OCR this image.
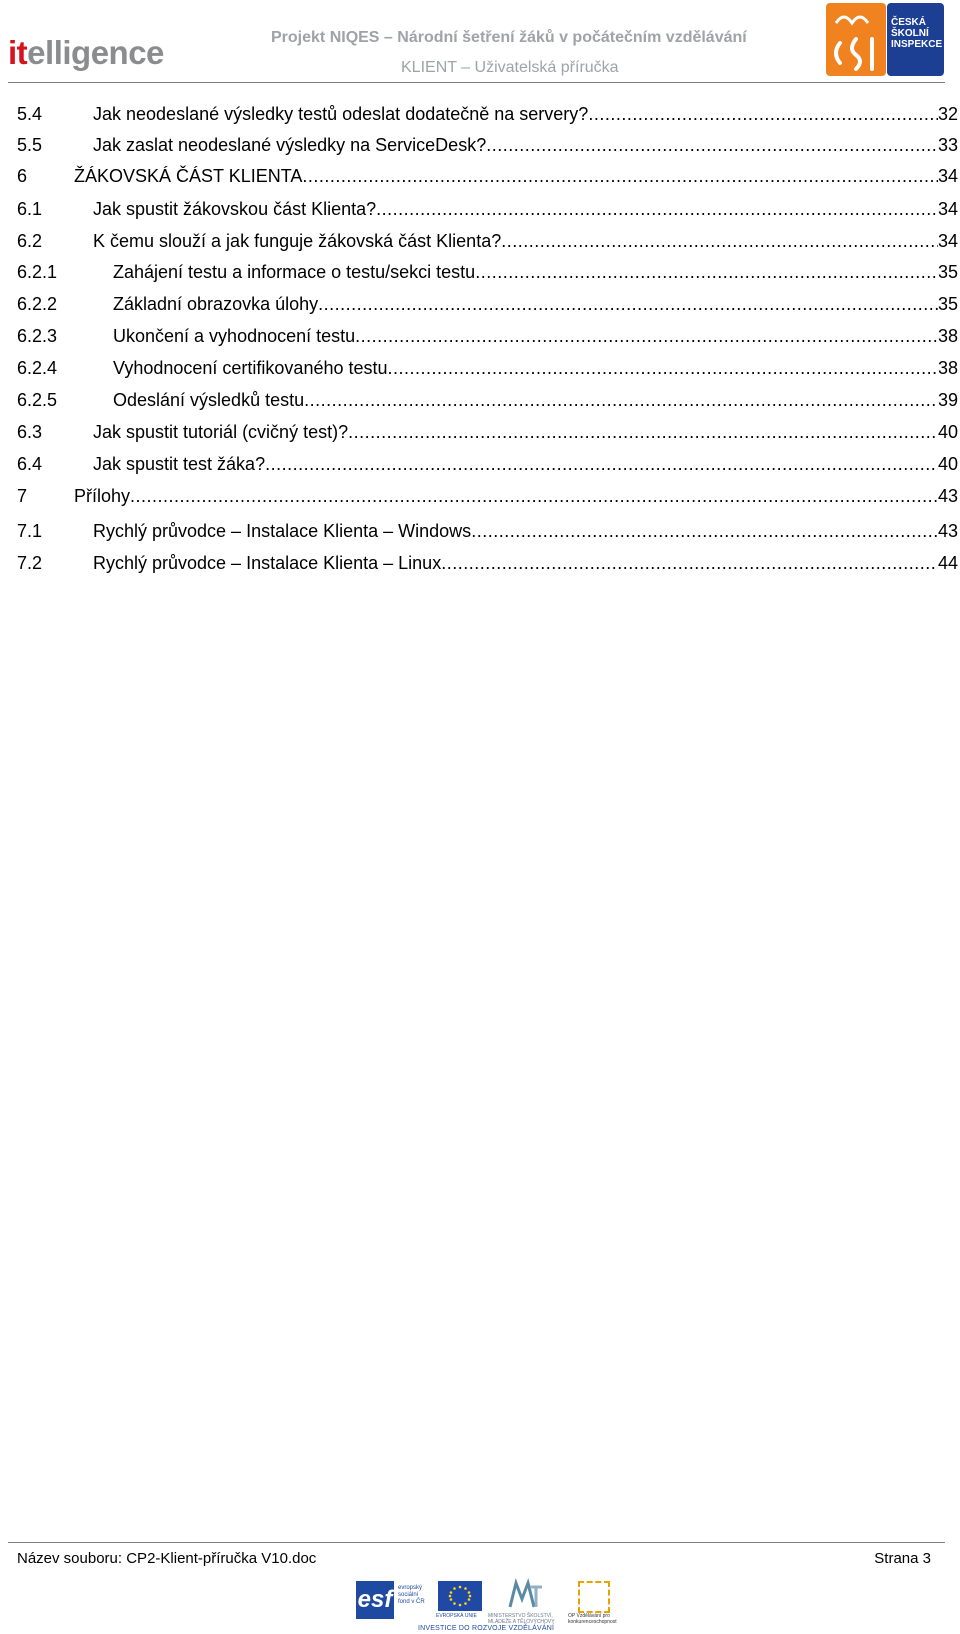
itelligence	Projekt NIQES – Národní šetření žáků v počátečním vzdělávání
KLIENT – Uživatelská příručka
ČESKÁ
ŠKOLNÍ
INSPEKCE
5.4	Jak neodeslané výsledky testů odeslat dodatečně na servery? .....	32
5.5	Jak zaslat neodeslané výsledky na ServiceDesk? .....	33
6	ŽÁKOVSKÁ ČÁST KLIENTA .....	34
6.1	Jak spustit žákovskou část Klienta? .....	34
6.2	K čemu slouží a jak funguje žákovská část Klienta? .....	34
6.2.1	Zahájení testu a informace o testu/sekci testu .....	35
6.2.2	Základní obrazovka úlohy .....	35
6.2.3	Ukončení a vyhodnocení testu .....	38
6.2.4	Vyhodnocení certifikovaného testu .....	38
6.2.5	Odeslání výsledků testu .....	39
6.3	Jak spustit tutoriál (cvičný test)? .....	40
6.4	Jak spustit test žáka? .....	40
7	Přílohy .....	43
7.1	Rychlý průvodce – Instalace Klienta – Windows .....	43
7.2	Rychlý průvodce – Instalace Klienta – Linux .....	44
Název souboru: CP2-Klient-příručka V10.doc	Strana 3
esf evropský sociální fond v ČR
EVROPSKÁ UNIE MINISTERSTVO ŠKOLSTVÍ, MLÁDEŽE A TĚLOVÝCHOVY
OP Vzdělávání pro konkurenceschopnost
INVESTICE DO ROZVOJE VZDĚLÁVÁNÍ
